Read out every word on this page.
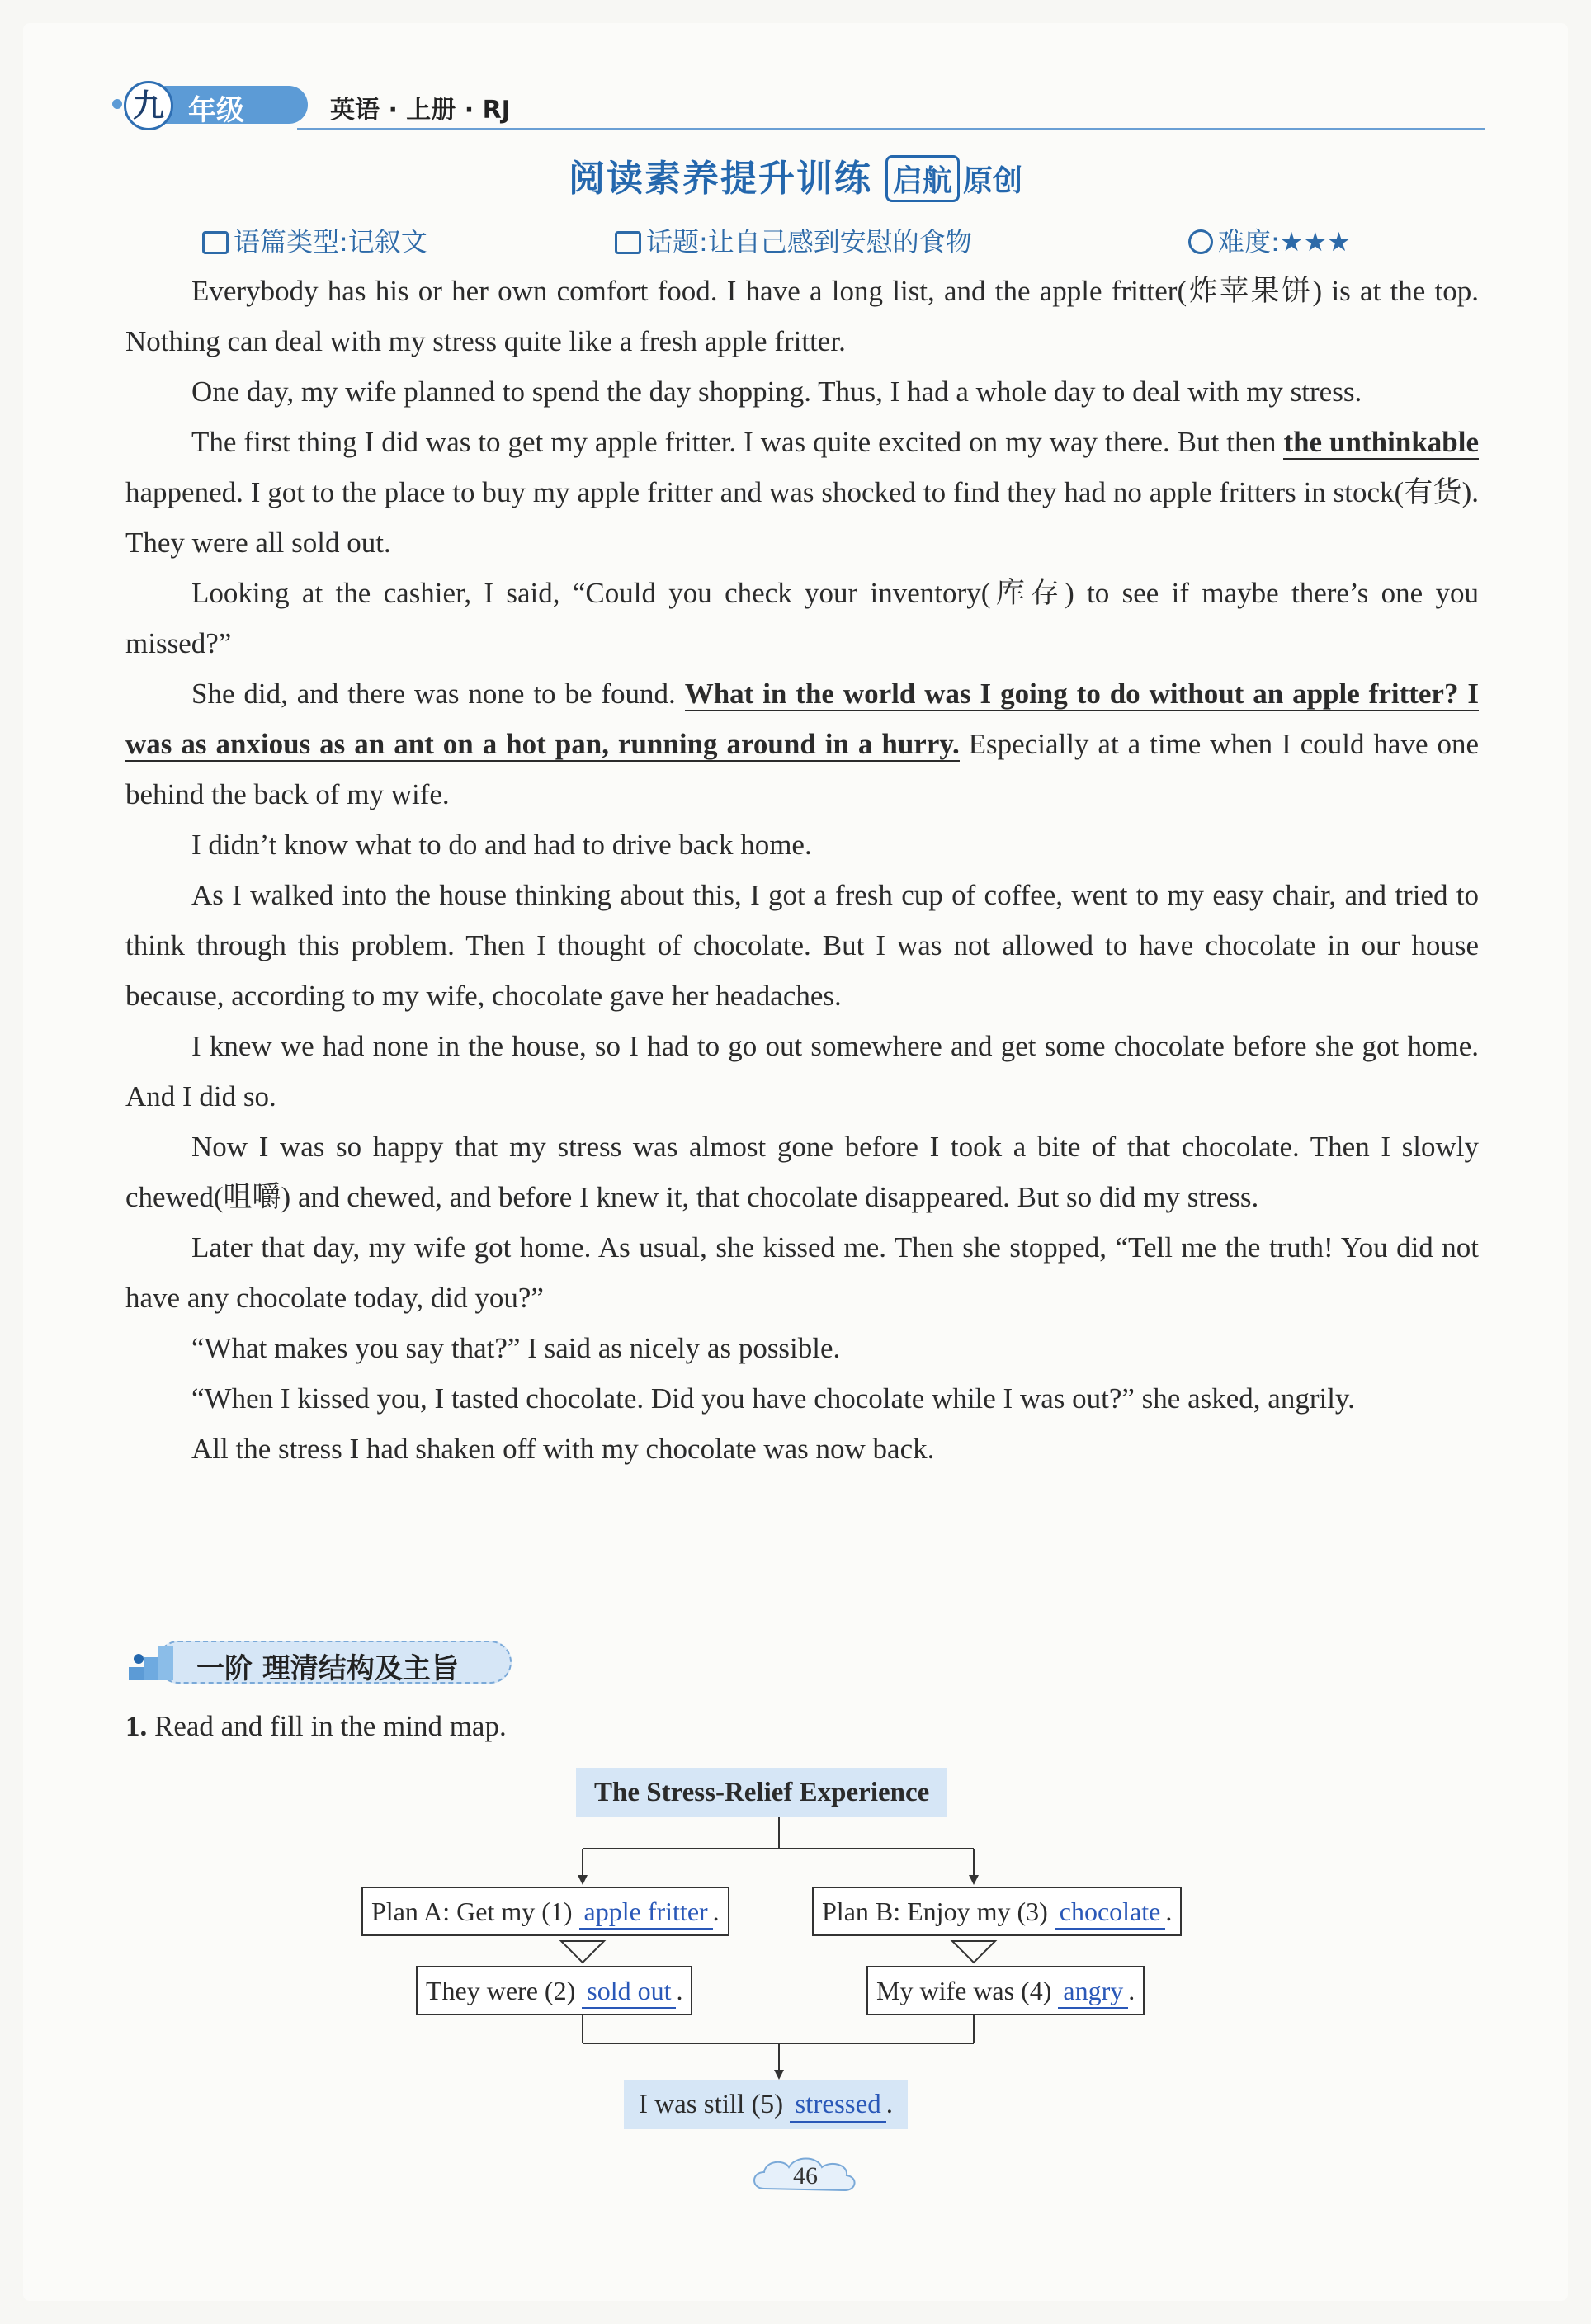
九 年级	英语 · 上册 · RJ
阅读素养提升训练 启航 原创
语篇类型:记叙文	话题:让自己感到安慰的食物	难度:★★★

Everybody has his or her own comfort food. I have a long list, and the apple fritter(炸苹果饼) is at the top. Nothing can deal with my stress quite like a fresh apple fritter.

One day, my wife planned to spend the day shopping. Thus, I had a whole day to deal with my stress.

The first thing I did was to get my apple fritter. I was quite excited on my way there. But then the unthinkable happened. I got to the place to buy my apple fritter and was shocked to find they had no apple fritters in stock(有货). They were all sold out.

Looking at the cashier, I said, “Could you check your inventory(库存) to see if maybe there’s one you missed?”

She did, and there was none to be found. What in the world was I going to do without an apple fritter? I was as anxious as an ant on a hot pan, running around in a hurry. Especially at a time when I could have one behind the back of my wife.

I didn’t know what to do and had to drive back home.

As I walked into the house thinking about this, I got a fresh cup of coffee, went to my easy chair, and tried to think through this problem. Then I thought of chocolate. But I was not allowed to have chocolate in our house because, according to my wife, chocolate gave her headaches.

I knew we had none in the house, so I had to go out somewhere and get some chocolate before she got home. And I did so.

Now I was so happy that my stress was almost gone before I took a bite of that chocolate. Then I slowly chewed(咀嚼) and chewed, and before I knew it, that chocolate disappeared. But so did my stress.

Later that day, my wife got home. As usual, she kissed me. Then she stopped, “Tell me the truth! You did not have any chocolate today, did you?”

“What makes you say that?” I said as nicely as possible.

“When I kissed you, I tasted chocolate. Did you have chocolate while I was out?” she asked, angrily.

All the stress I had shaken off with my chocolate was now back.

一阶 理清结构及主旨
1. Read and fill in the mind map.
The Stress-Relief Experience
Plan A: Get my (1) apple fritter .	Plan B: Enjoy my (3) chocolate .
They were (2) sold out .	My wife was (4) angry .
I was still (5) stressed .
46
